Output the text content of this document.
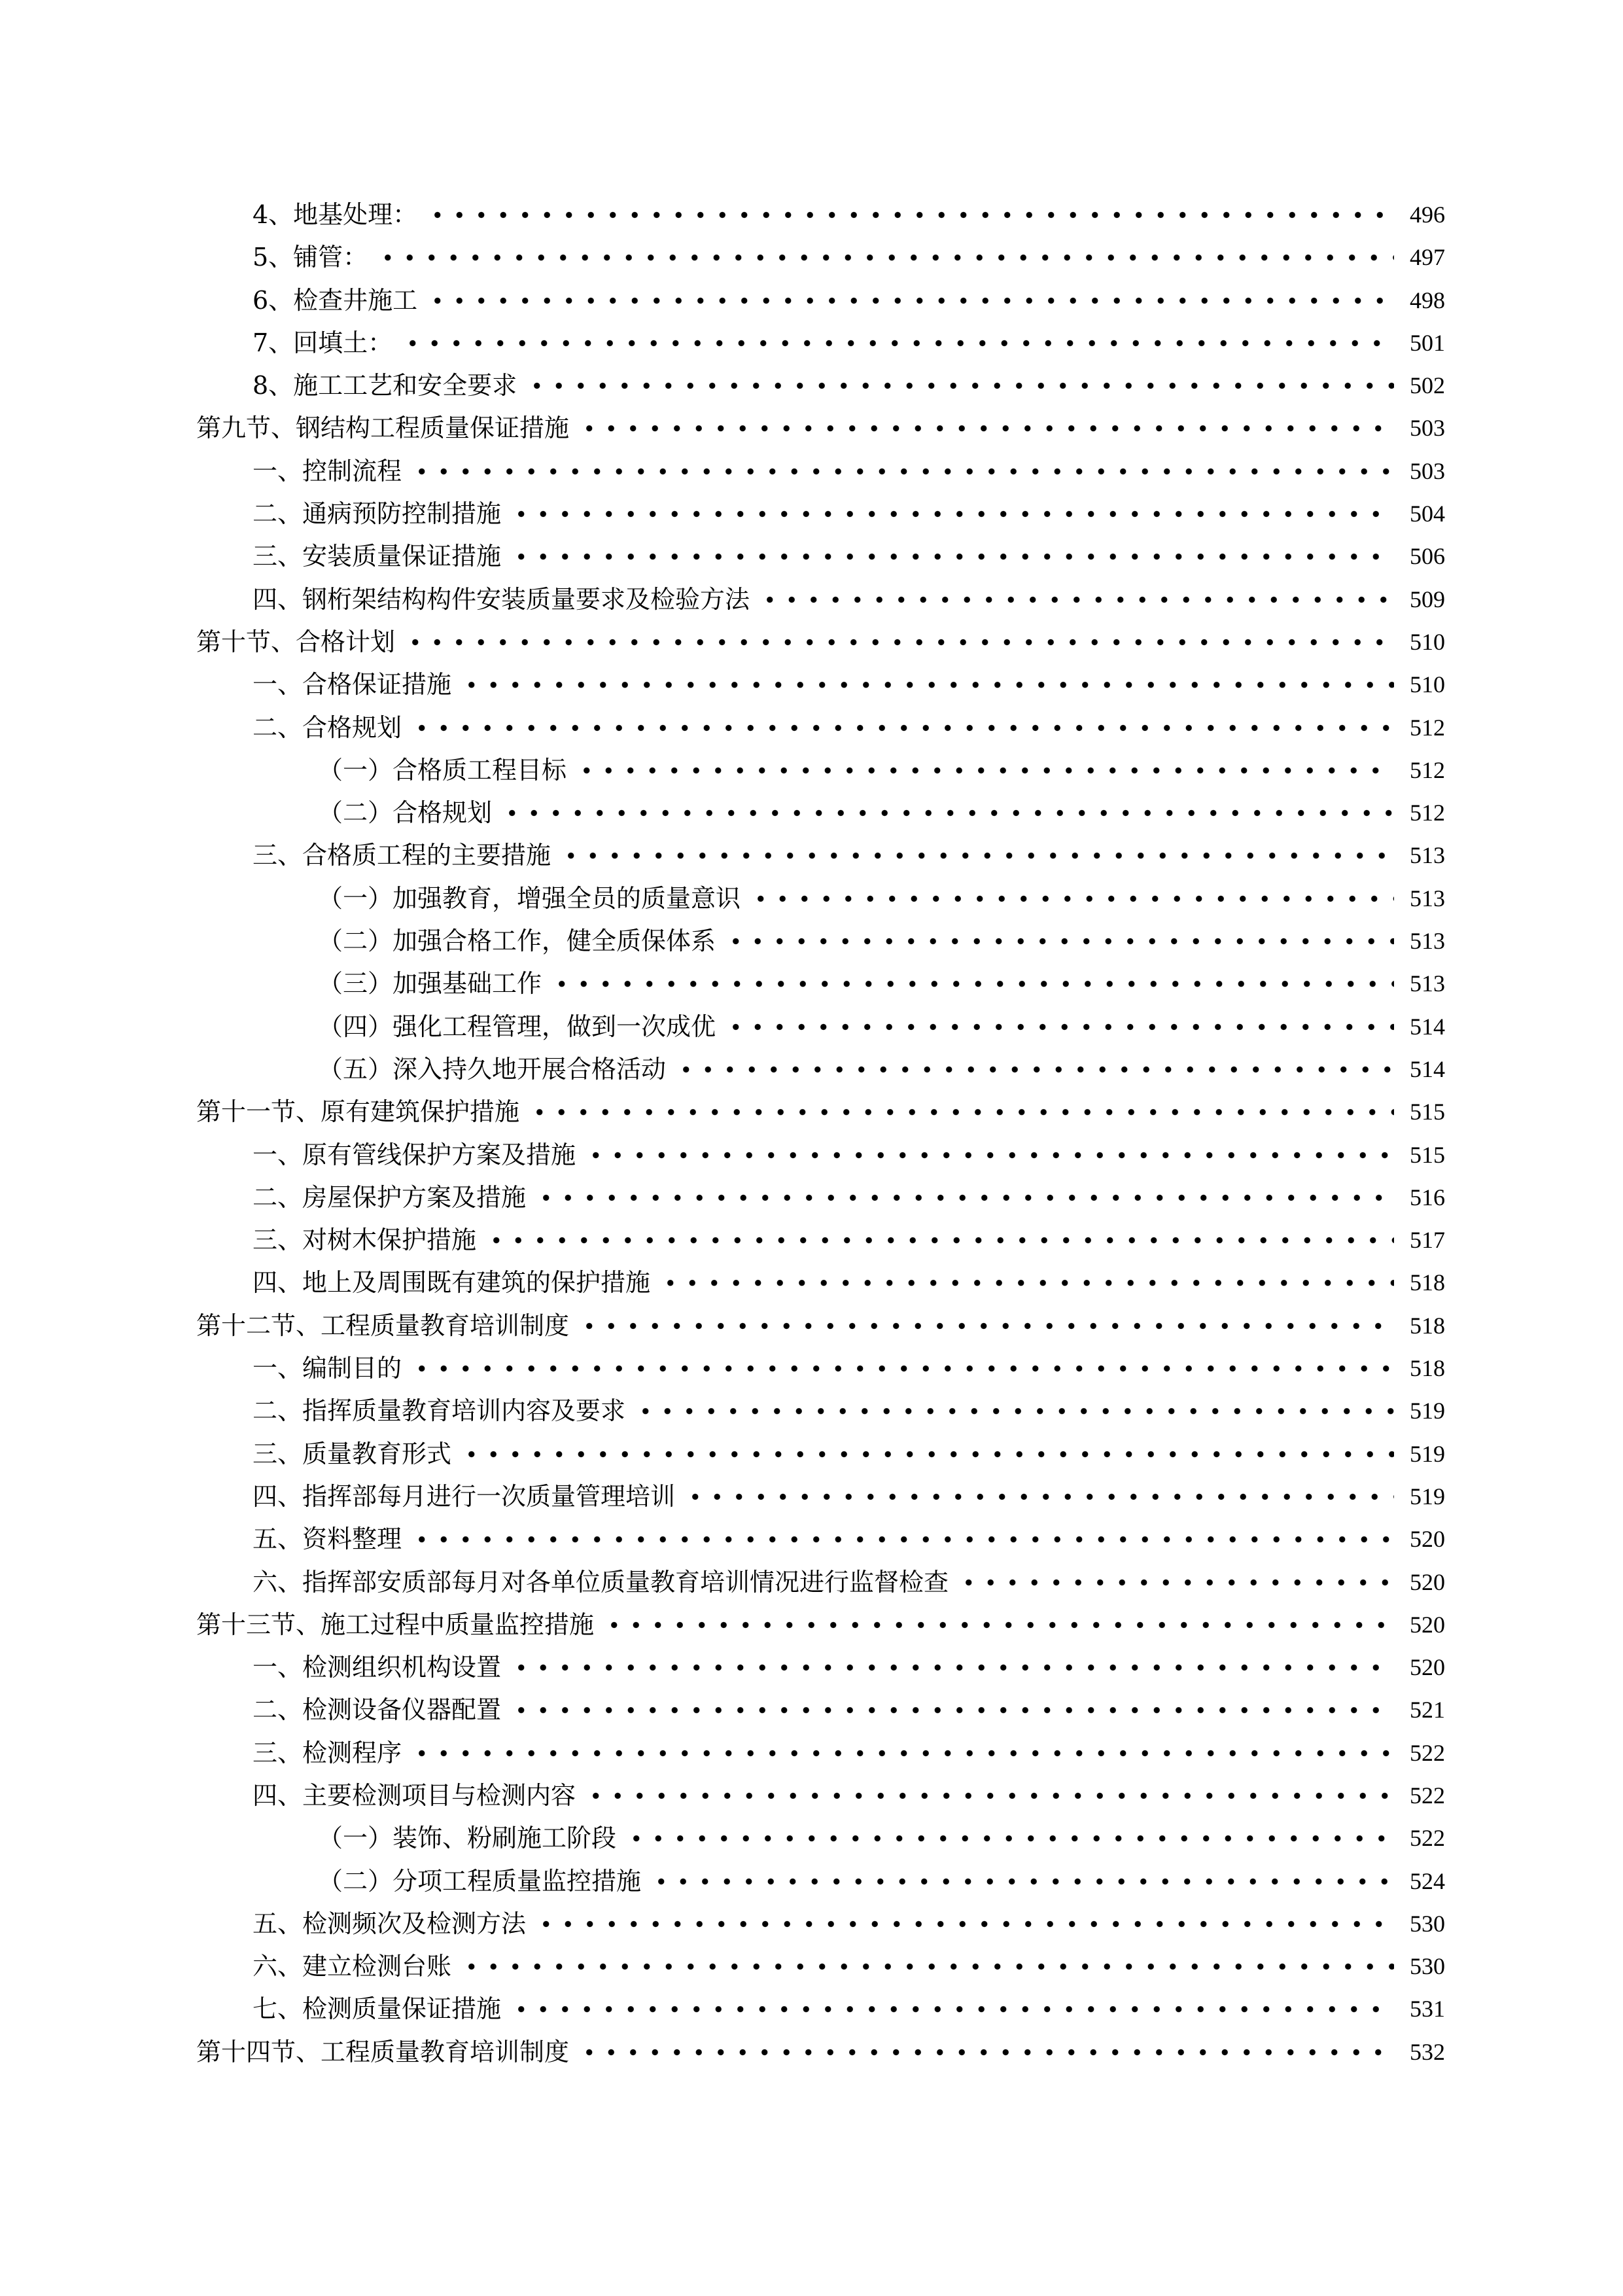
4、地基处理：	496
5、铺管：	497
6、检查井施工	498
7、回填土：	501
8、施工工艺和安全要求	502
第九节、钢结构工程质量保证措施	503
一、控制流程	503
二、通病预防控制措施	504
三、安装质量保证措施	506
四、钢桁架结构构件安装质量要求及检验方法	509
第十节、合格计划	510
一、合格保证措施	510
二、合格规划	512
（一）合格质工程目标	512
（二）合格规划	512
三、合格质工程的主要措施	513
（一）加强教育，增强全员的质量意识	513
（二）加强合格工作，健全质保体系	513
（三）加强基础工作	513
（四）强化工程管理，做到一次成优	514
（五）深入持久地开展合格活动	514
第十一节、原有建筑保护措施	515
一、原有管线保护方案及措施	515
二、房屋保护方案及措施	516
三、对树木保护措施	517
四、地上及周围既有建筑的保护措施	518
第十二节、工程质量教育培训制度	518
一、编制目的	518
二、指挥质量教育培训内容及要求	519
三、质量教育形式	519
四、指挥部每月进行一次质量管理培训	519
五、资料整理	520
六、指挥部安质部每月对各单位质量教育培训情况进行监督检查	520
第十三节、施工过程中质量监控措施	520
一、检测组织机构设置	520
二、检测设备仪器配置	521
三、检测程序	522
四、主要检测项目与检测内容	522
（一）装饰、粉刷施工阶段	522
（二）分项工程质量监控措施	524
五、检测频次及检测方法	530
六、建立检测台账	530
七、检测质量保证措施	531
第十四节、工程质量教育培训制度	532
